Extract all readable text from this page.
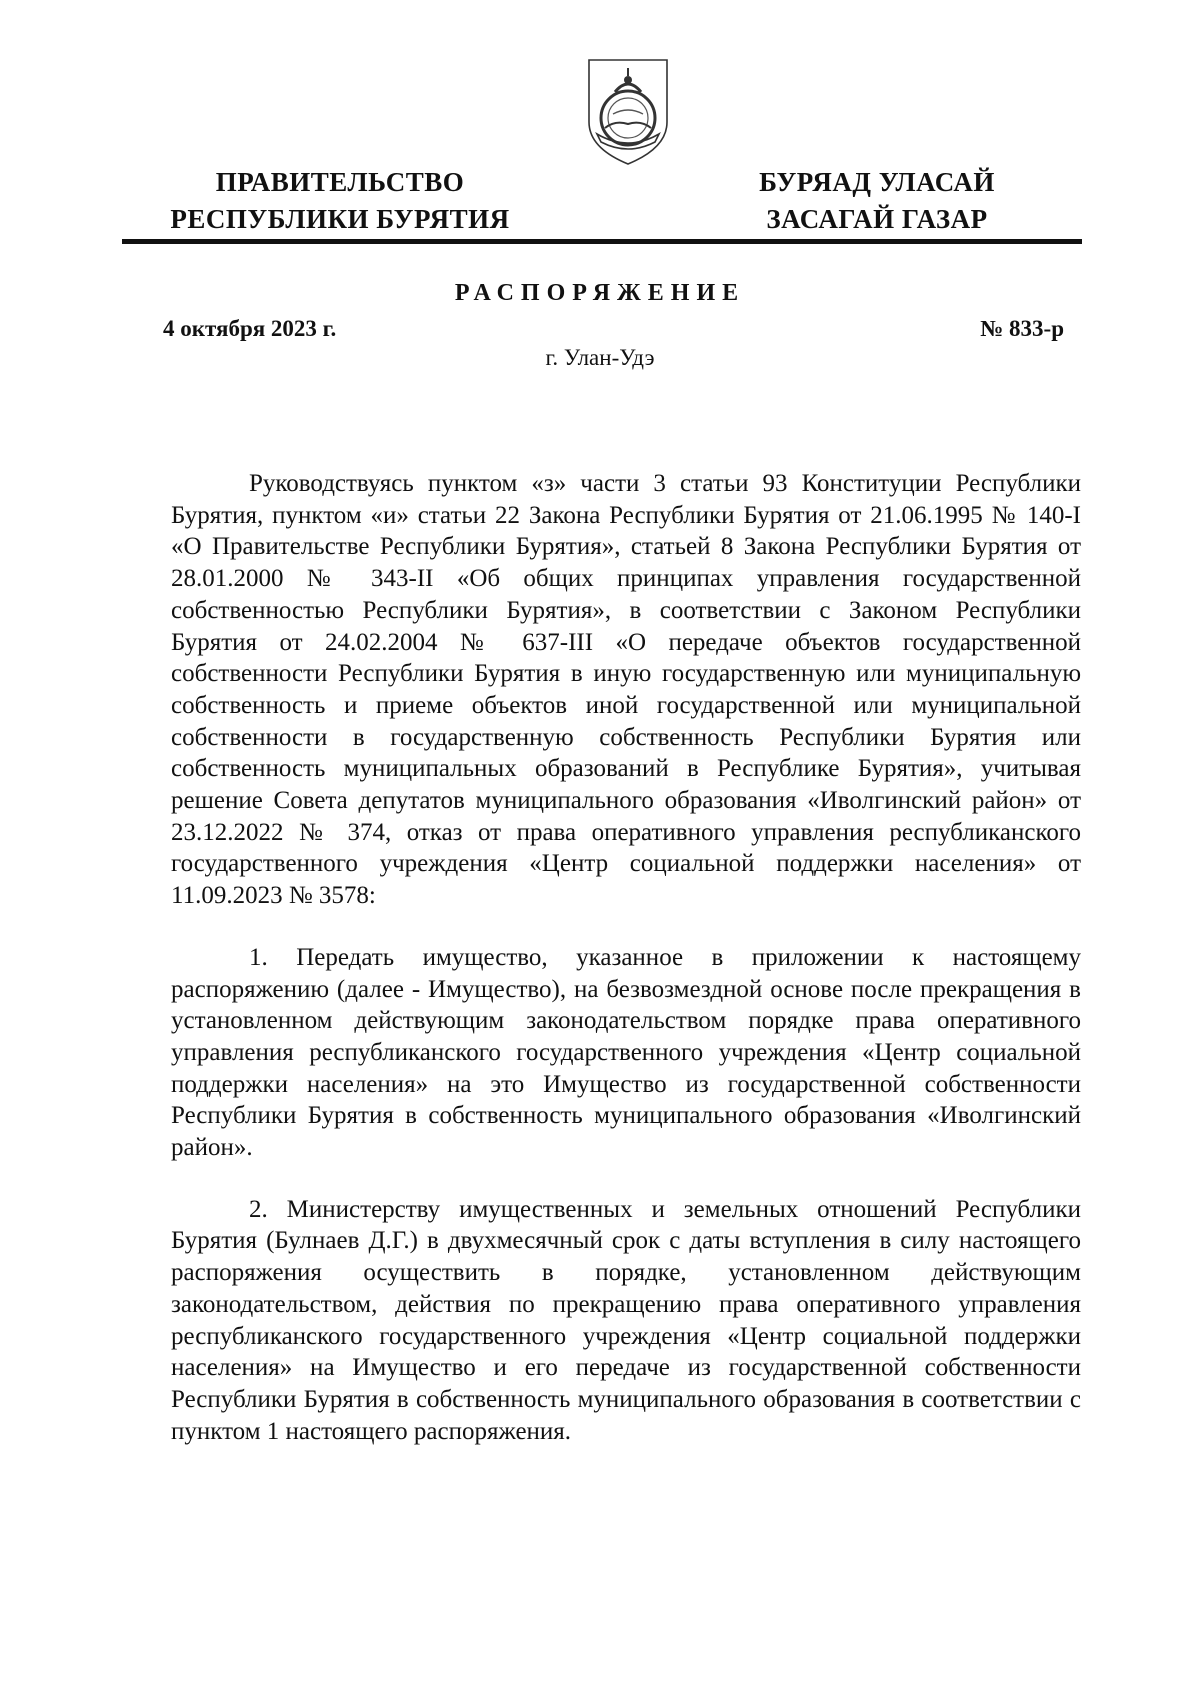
ПРАВИТЕЛЬСТВО
РЕСПУБЛИКИ БУРЯТИЯ
БУРЯАД УЛАСАЙ
ЗАСАГАЙ ГАЗАР
РАСПОРЯЖЕНИЕ
4 октября 2023 г.	№ 833-р
г. Улан-Удэ

Руководствуясь пунктом «з» части 3 статьи 93 Конституции Республики Бурятия, пунктом «и» статьи 22 Закона Республики Бурятия от 21.06.1995 № 140-I «О Правительстве Республики Бурятия», статьей 8 Закона Республики Бурятия от 28.01.2000 № 343-II «Об общих принципах управления государственной собственностью Республики Бурятия», в соответствии с Законом Республики Бурятия от 24.02.2004 № 637-III «О передаче объектов государственной собственности Республики Бурятия в иную государственную или муниципальную собственность и приеме объектов иной государственной или муниципальной собственности в государственную собственность Республики Бурятия или собственность муниципальных образований в Республике Бурятия», учитывая решение Совета депутатов муниципального образования «Иволгинский район» от 23.12.2022 № 374, отказ от права оперативного управления республиканского государственного учреждения «Центр социальной поддержки населения» от 11.09.2023 № 3578:

1. Передать имущество, указанное в приложении к настоящему распоряжению (далее - Имущество), на безвозмездной основе после прекращения в установленном действующим законодательством порядке права оперативного управления республиканского государственного учреждения «Центр социальной поддержки населения» на это Имущество из государственной собственности Республики Бурятия в собственность муниципального образования «Иволгинский район».

2. Министерству имущественных и земельных отношений Республики Бурятия (Булнаев Д.Г.) в двухмесячный срок с даты вступления в силу настоящего распоряжения осуществить в порядке, установленном действующим законодательством, действия по прекращению права оперативного управления республиканского государственного учреждения «Центр социальной поддержки населения» на Имущество и его передаче из государственной собственности Республики Бурятия в собственность муниципального образования в соответствии с пунктом 1 настоящего распоряжения.
